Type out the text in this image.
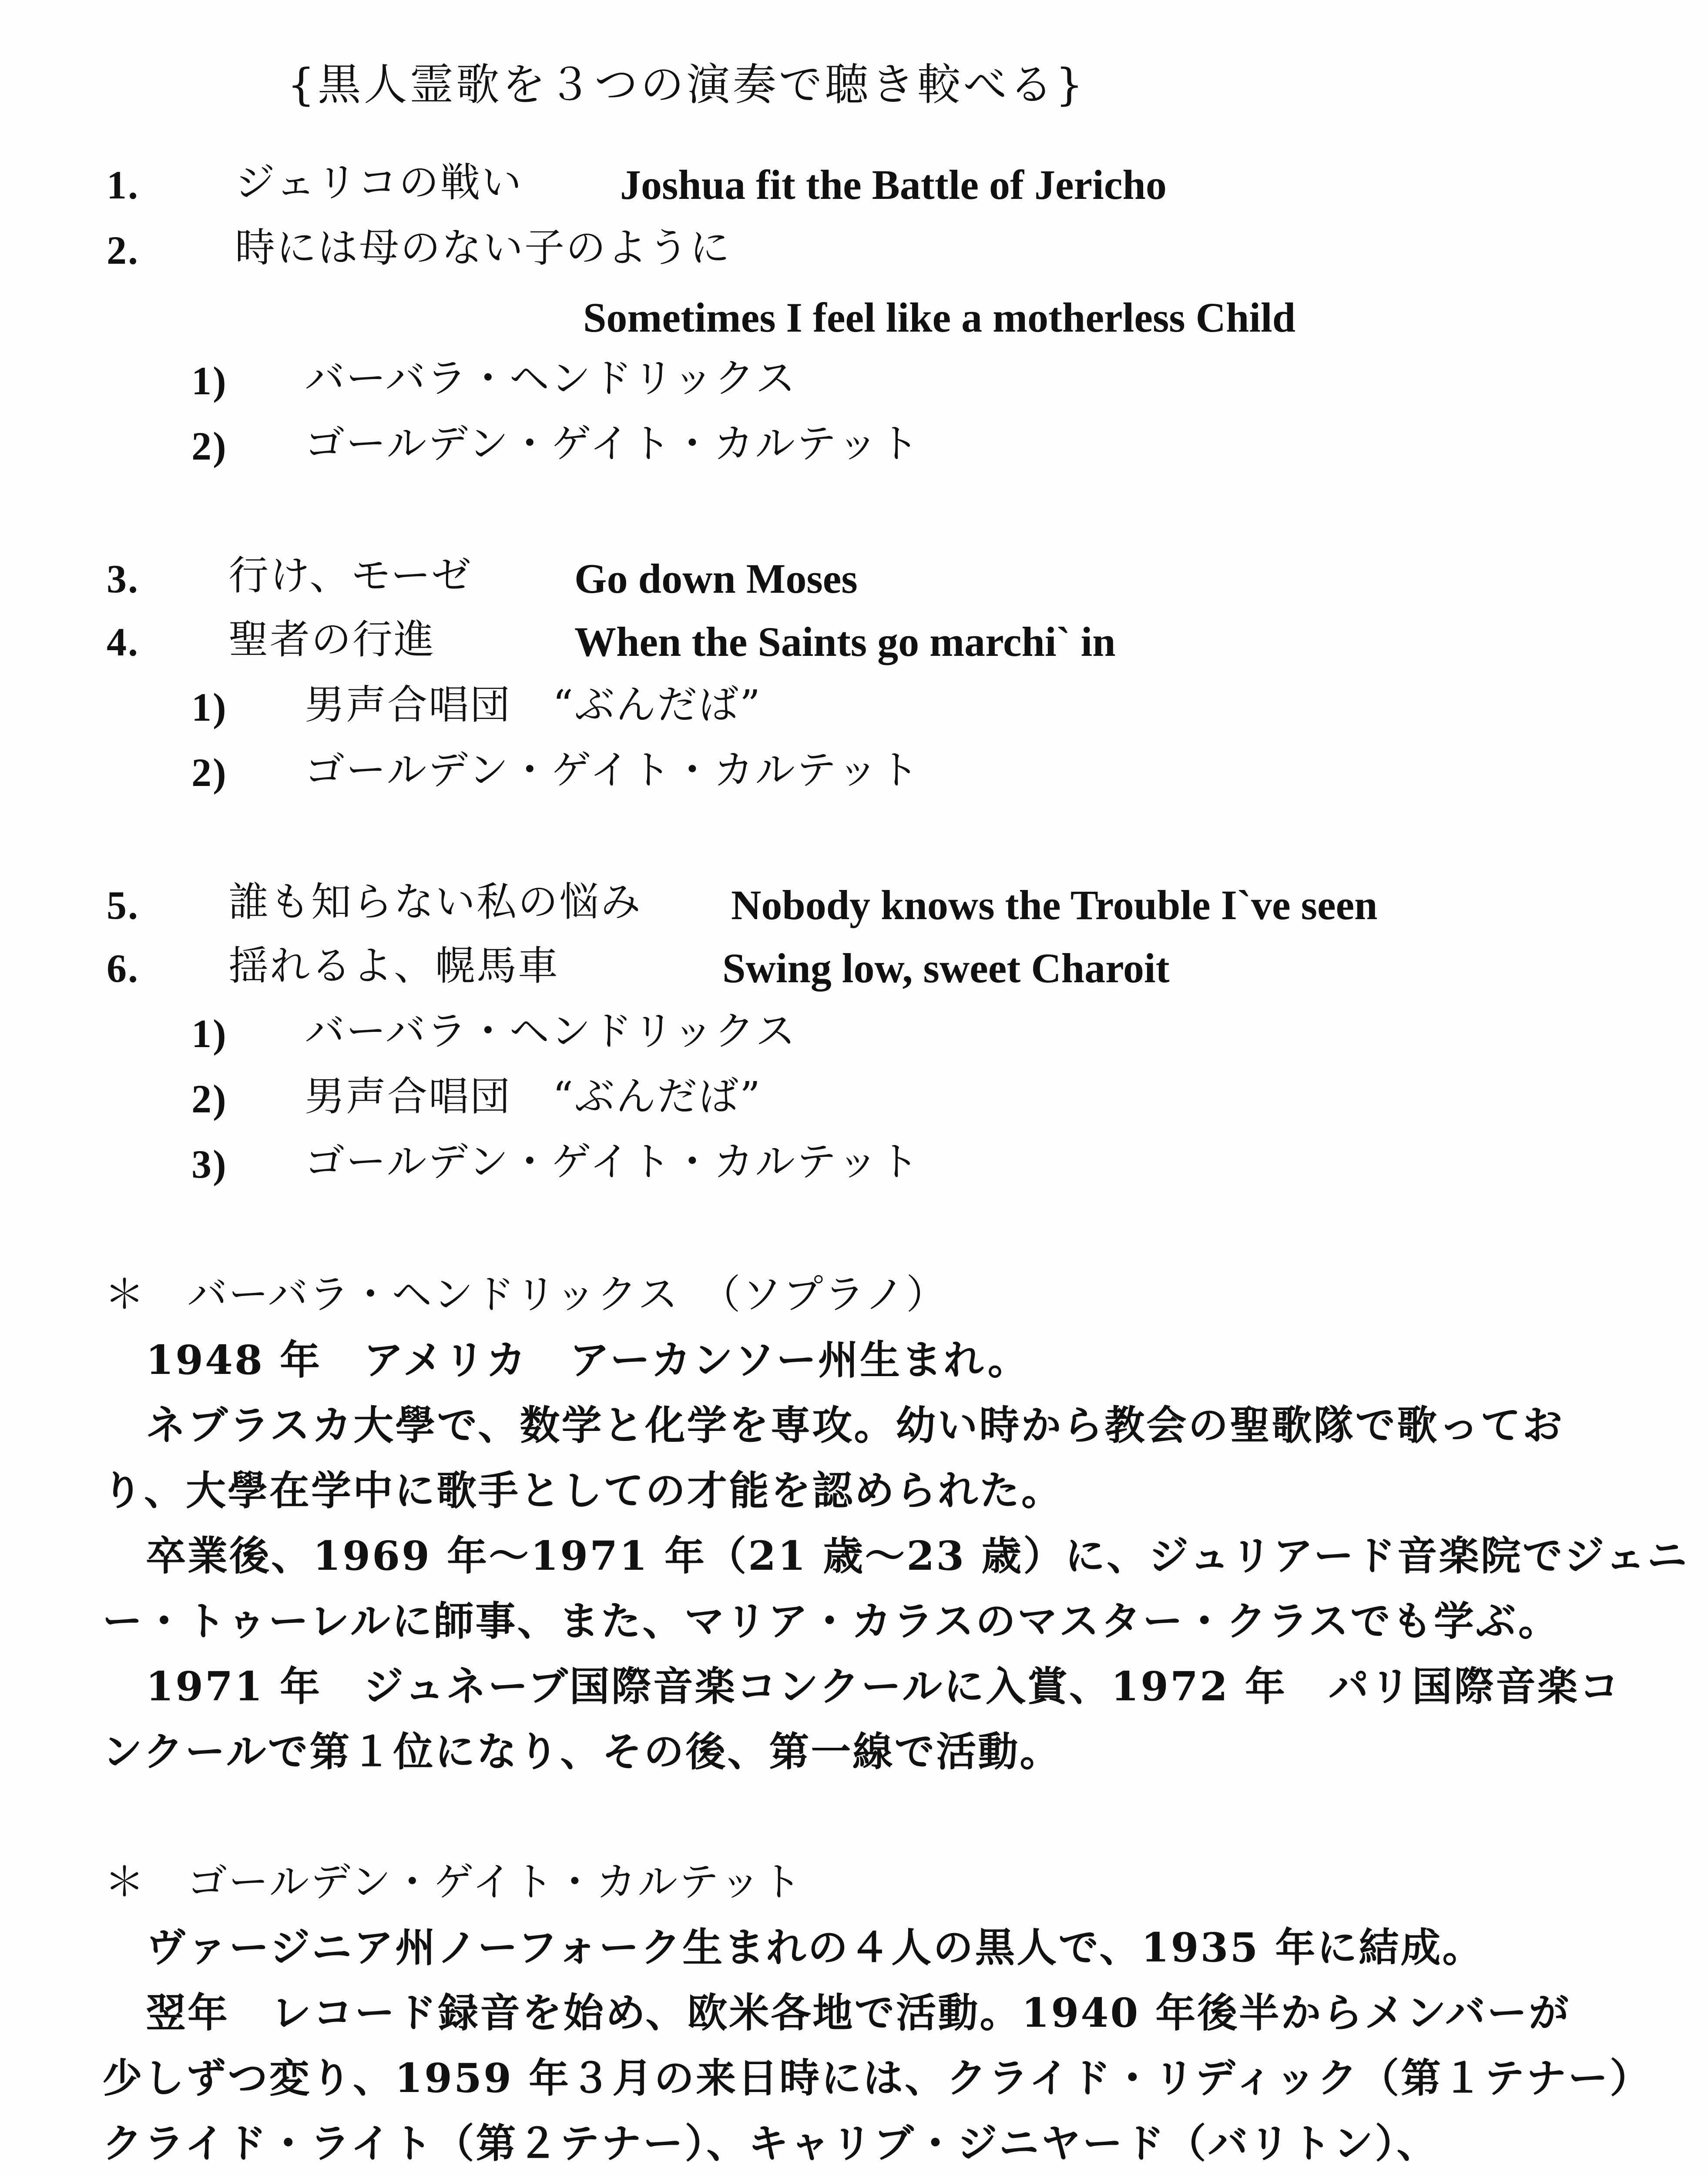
{黒人霊歌を３つの演奏で聴き較べる}
1. ジェリコの戦い Joshua fit the Battle of Jericho
2. 時には母のない子のように
Sometimes I feel like a motherless Child
1) バーバラ・ヘンドリックス
2) ゴールデン・ゲイト・カルテット
3. 行け、モーゼ Go down Moses
4. 聖者の行進	When the Saints go marchi` in
1) 男声合唱団　“ぶんだば”
2) ゴールデン・ゲイト・カルテット
5. 誰も知らない私の悩み Nobody knows the Trouble I`ve seen
6. 揺れるよ、幌馬車	Swing low, sweet Charoit
1) バーバラ・ヘンドリックス
2) 男声合唱団　“ぶんだば”
3) ゴールデン・ゲイト・カルテット
＊　バーバラ・ヘンドリックス　（ソプラノ）
1948 年　アメリカ　アーカンソー州生まれ。
ネブラスカ大學で、数学と化学を専攻。幼い時から教会の聖歌隊で歌ってお
り、大學在学中に歌手としての才能を認められた。
卒業後、1969 年～1971 年（21 歳～23 歳）に、ジュリアード音楽院でジェニ
ー・トゥーレルに師事、また、マリア・カラスのマスター・クラスでも学ぶ。
1971 年　ジュネーブ国際音楽コンクールに入賞、1972 年　パリ国際音楽コ
ンクールで第１位になり、その後、第一線で活動。
＊　ゴールデン・ゲイト・カルテット
ヴァージニア州ノーフォーク生まれの４人の黒人で、1935 年に結成。
翌年　レコード録音を始め、欧米各地で活動。1940 年後半からメンバーが
少しずつ変り、1959 年３月の来日時には、クライド・リディック（第１テナー）
クライド・ライト（第２テナー）、キャリブ・ジニヤード（バリトン）、
